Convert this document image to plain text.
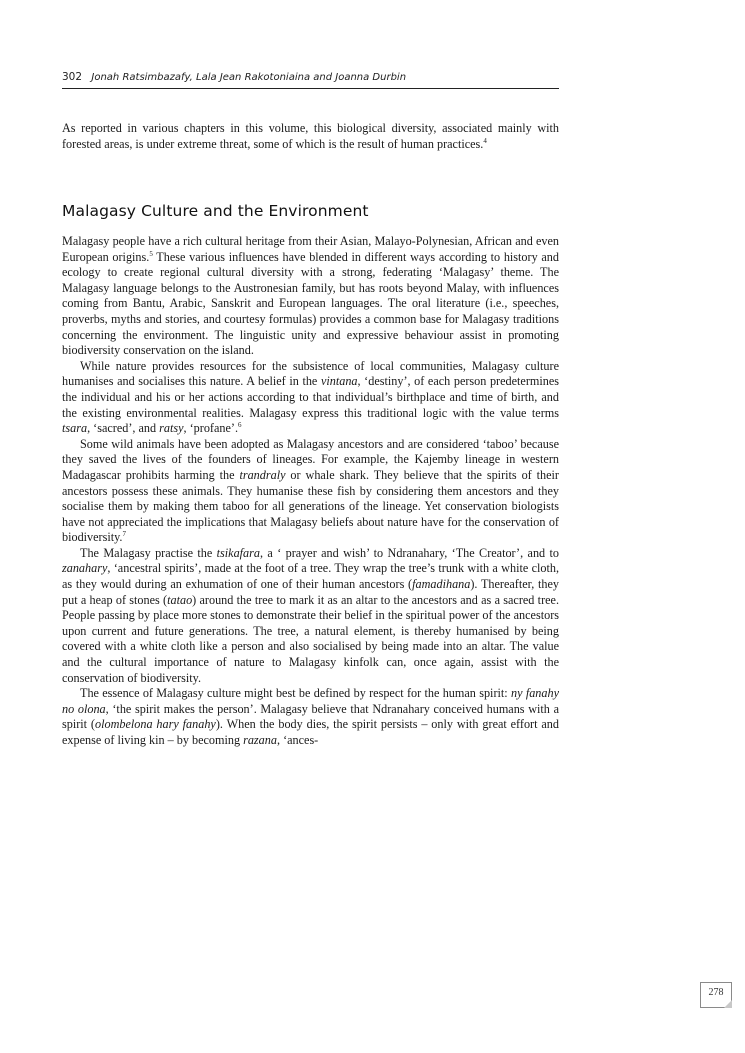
302 Jonah Ratsimbazafy, Lala Jean Rakotoniaina and Joanna Durbin

As reported in various chapters in this volume, this biological diversity, associated mainly with forested areas, is under extreme threat, some of which is the result of human practices.$^4$

Malagasy Culture and the Environment

Malagasy people have a rich cultural heritage from their Asian, Malayo-Polynesian, African and even European origins.$^5$ These various influences have blended in different ways according to history and ecology to create regional cultural diversity with a strong, federating ‘Malagasy’ theme. The Malagasy language belongs to the Austronesian family, but has roots beyond Malay, with influences coming from Bantu, Arabic, Sanskrit and European languages. The oral literature (i.e., speeches, proverbs, myths and stories, and courtesy formulas) provides a common base for Malagasy traditions concerning the environment. The linguistic unity and expressive behaviour assist in promoting biodiversity conservation on the island.

While nature provides resources for the subsistence of local communities, Malagasy culture humanises and socialises this nature. A belief in the vintana, ‘destiny’, of each person predetermines the individual and his or her actions according to that individual’s birthplace and time of birth, and the existing environmental realities. Malagasy express this traditional logic with the value terms tsara, ‘sacred’, and ratsy, ‘profane’.$^6$

Some wild animals have been adopted as Malagasy ancestors and are considered ‘taboo’ because they saved the lives of the founders of lineages. For example, the Kajemby lineage in western Madagascar prohibits harming the trandraly or whale shark. They believe that the spirits of their ancestors possess these animals. They humanise these fish by considering them ancestors and they socialise them by making them taboo for all generations of the lineage. Yet conservation biologists have not appreciated the implications that Malagasy beliefs about nature have for the conservation of biodiversity.$^7$

The Malagasy practise the tsikafara, a ‘ prayer and wish’ to Ndranahary, ‘The Creator’, and to zanahary, ‘ancestral spirits’, made at the foot of a tree. They wrap the tree’s trunk with a white cloth, as they would during an exhumation of one of their human ancestors (famadihana). Thereafter, they put a heap of stones (tatao) around the tree to mark it as an altar to the ancestors and as a sacred tree. People passing by place more stones to demonstrate their belief in the spiritual power of the ancestors upon current and future generations. The tree, a natural element, is thereby humanised by being covered with a white cloth like a person and also socialised by being made into an altar. The value and the cultural importance of nature to Malagasy kinfolk can, once again, assist with the conservation of biodiversity.

The essence of Malagasy culture might best be defined by respect for the human spirit: ny fanahy no olona, ‘the spirit makes the person’. Malagasy believe that Ndranahary conceived humans with a spirit (olombelona hary fanahy). When the body dies, the spirit persists – only with great effort and expense of living kin – by becoming razana, ‘ances-

278
